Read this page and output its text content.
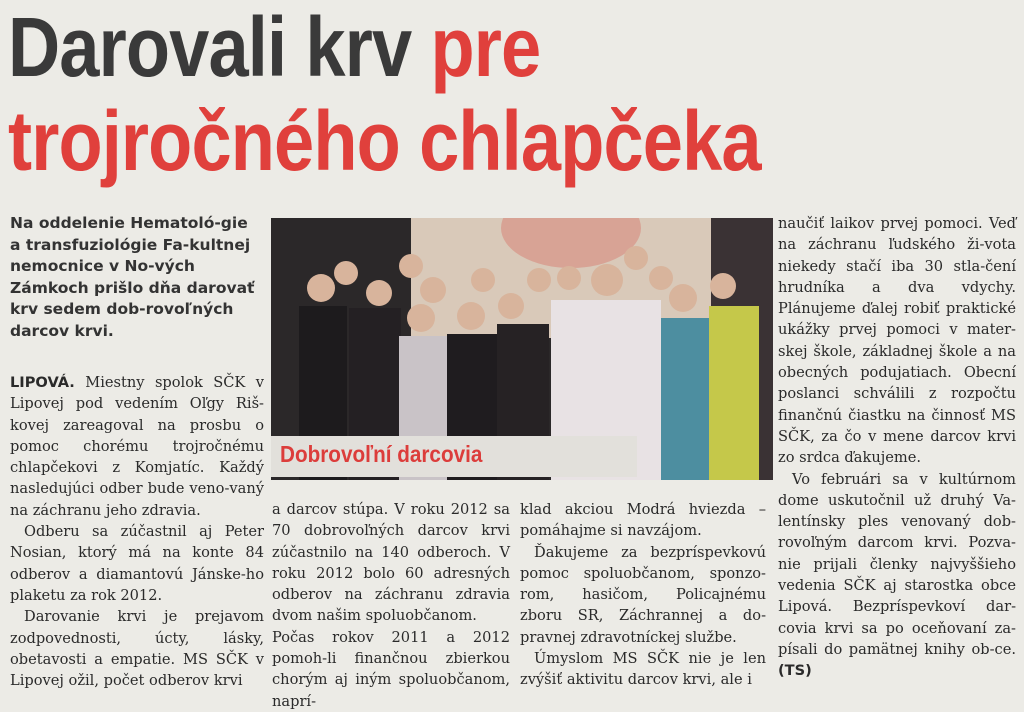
Darovali krv pre
trojročného chlapčeka

Na oddelenie Hematoló-gie a transfuziológie Fa-kultnej nemocnice v No-vých Zámkoch prišlo dňa darovať krv sedem dob-rovoľných darcov krvi.

Dobrovoľní darcovia

LIPOVÁ. Miestny spolok SČK v Lipovej pod vedením Oľgy Riš-kovej zareagoval na prosbu o pomoc chorému trojročnému chlapčekovi z Komjatíc. Každý nasledujúci odber bude veno-vaný na záchranu jeho zdravia.

Odberu sa zúčastnil aj Peter Nosian, ktorý má na konte 84 odberov a diamantovú Jánske-ho plaketu za rok 2012.

Darovanie krvi je prejavom zodpovednosti, úcty, lásky, obetavosti a empatie. MS SČK v Lipovej ožil, počet odberov krvi

a darcov stúpa. V roku 2012 sa 70 dobrovoľných darcov krvi zúčastnilo na 140 odberoch. V roku 2012 bolo 60 adresných odberov na záchranu zdravia dvom našim spoluobčanom.

Počas rokov 2011 a 2012 pomoh-li finančnou zbierkou chorým aj iným spoluobčanom, naprí-

klad akciou Modrá hviezda – pomáhajme si navzájom.

Ďakujeme za bezpríspevkovú pomoc spoluobčanom, sponzo-rom, hasičom, Policajnému zboru SR, Záchrannej a do-pravnej zdravotníckej službe.

Úmyslom MS SČK nie je len zvýšiť aktivitu darcov krvi, ale i

naučiť laikov prvej pomoci. Veď na záchranu ľudského ži-vota niekedy stačí iba 30 stla-čení hrudníka a dva vdychy. Plánujeme ďalej robiť praktické ukážky prvej pomoci v mater-skej škole, základnej škole a na obecných podujatiach. Obecní poslanci schválili z rozpočtu finančnú čiastku na činnosť MS SČK, za čo v mene darcov krvi zo srdca ďakujeme.

Vo februári sa v kultúrnom dome uskutočnil už druhý Va-lentínsky ples venovaný dob-rovoľným darcom krvi. Pozva-nie prijali členky najvyššieho vedenia SČK aj starostka obce Lipová. Bezpríspevkoví dar-covia krvi sa po oceňovaní za-písali do pamätnej knihy ob-ce. (TS)
